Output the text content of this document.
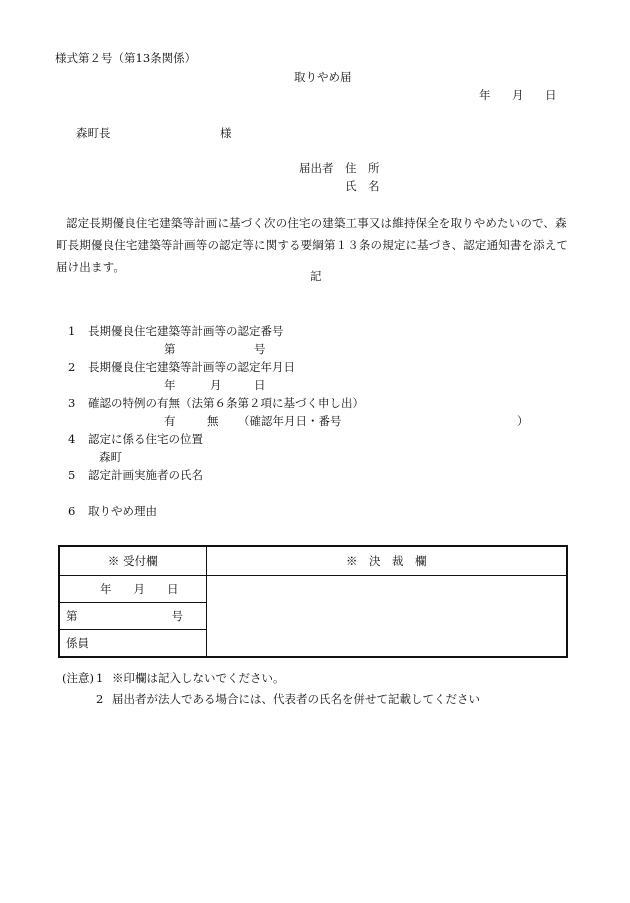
様式第２号（第13条関係）
取りやめ届
年 月 日
森町長	様
届出者 住　所
氏　名
認定長期優良住宅建築等計画に基づく次の住宅の建築工事又は維持保全を取りやめたいので、森町長期優良住宅建築等計画等の認定等に関する要綱第１３条の規定に基づき、認定通知書を添えて届け出ます。
記
1 長期優良住宅建築等計画等の認定番号
第	号
2 長期優良住宅建築等計画等の認定年月日
年	月	日
3 確認の特例の有無（法第６条第２項に基づく申し出）
有	無 （確認年月日・番号	）
4 認定に係る住宅の位置
森町
5 認定計画実施者の氏名
6 取りやめ理由
※ 受付欄	※　決　裁　欄
年 月 日	
第 号	
係員	
(注意) 1 ※印欄は記入しないでください。
2 届出者が法人である場合には、代表者の氏名を併せて記載してください
